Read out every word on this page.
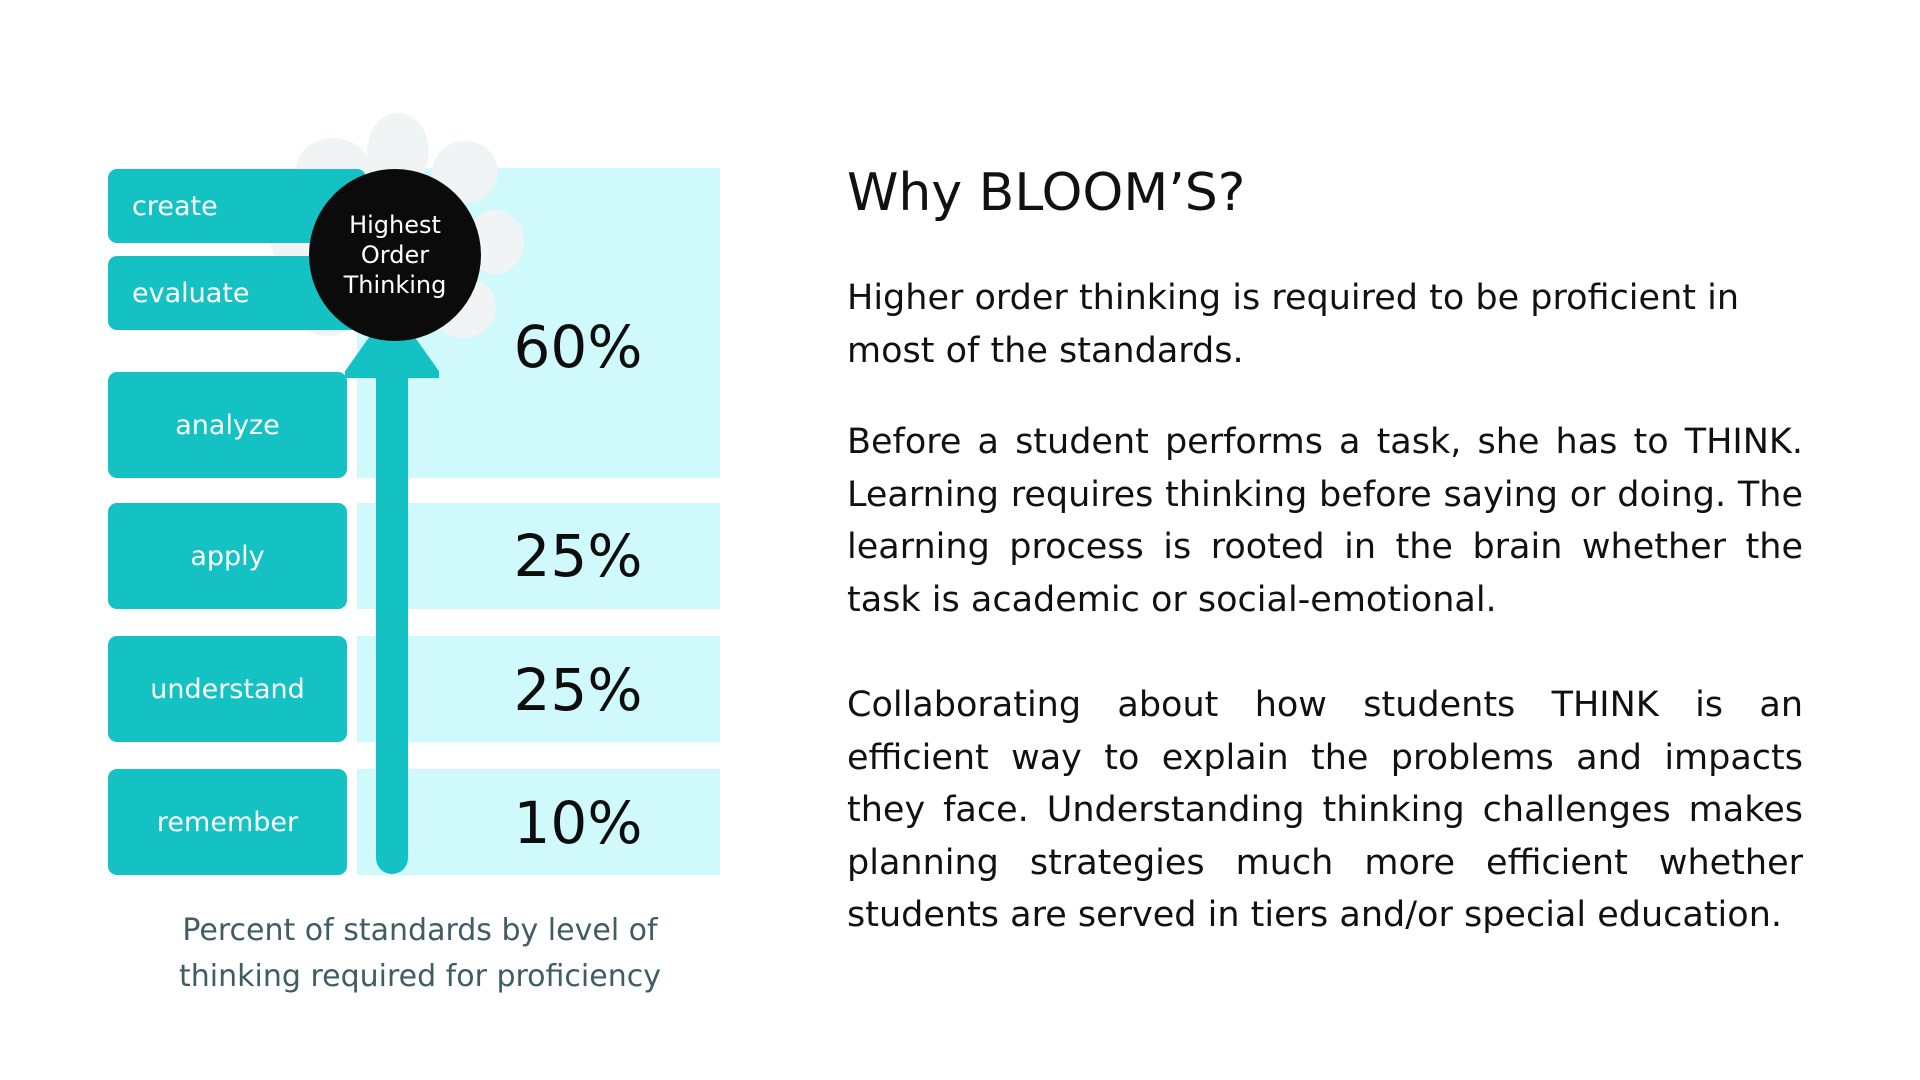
create
evaluate
analyze
apply
understand
remember
Highest
Order
Thinking
60%
25%
25%
10%
Percent of standards by level of
thinking required for proficiency
Why BLOOM’S?

Higher order thinking is required to be proficient in most of the standards.

Before a student performs a task, she has to THINK. Learning requires thinking before saying or doing. The learning process is rooted in the brain whether the task is academic or social-emotional.

Collaborating about how students THINK is an efficient way to explain the problems and impacts they face. Understanding thinking challenges makes planning strategies much more efficient whether students are served in tiers and/or special education.
